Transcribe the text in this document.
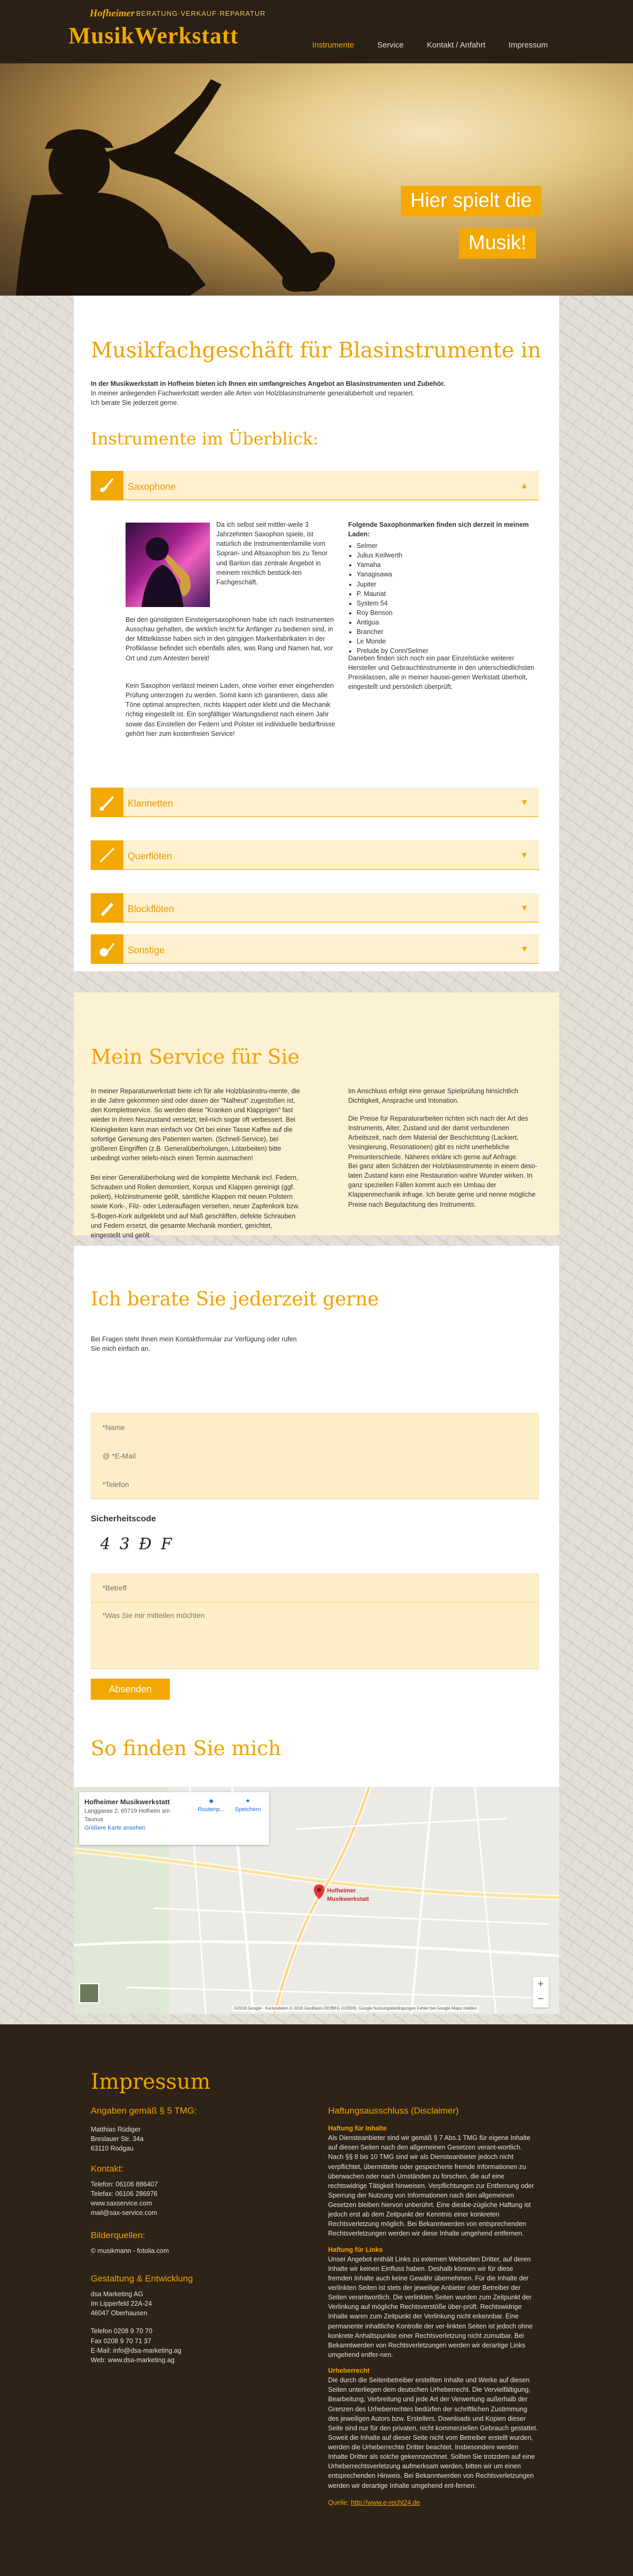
Hofheimer BERATUNG·VERKAUF·REPARATUR
MusikWerkstatt	Instrumente	Service	Kontakt / Anfahrt	Impressum
Hier spielt die
Musik!
Musikfachgeschäft für Blasinstrumente in

In der Musikwerkstatt in Hofheim bieten ich Ihnen ein umfangreiches Angebot an Blasinstrumenten und Zubehör.

In meiner anliegenden Fachwerkstatt werden alle Arten von Holzblasinstrumente generalüberholt und repariert.

Ich berate Sie jederzeit gerne.

Instrumente im Überblick:
Saxophone	▲

Da ich selbst seit mittler-weile 3 Jahrzehnten Saxophon spiele, ist natürlich die Instrumentenfamilie vom Sopran- und Altsaxophon bis zu Tenor und Bariton das zentrale Angebot in meinem reichlich bestück-ten Fachgeschäft.

Bei den günstigsten Einsteigersaxophonen habe ich nach Instrumenten Ausschau gehalten, die wirklich leicht für Anfänger zu bedienen sind, in der Mittelklasse haben sich in den gängigen Markenfabrikaten in der Profiklasse befindet sich ebenfalls alles, was Rang und Namen hat, vor Ort und zum Antesten bereit!

Kein Saxophon verlässt meinen Laden, ohne vorher einer eingehenden Prüfung unterzogen zu werden. Somit kann ich garantieren, dass alle Töne optimal ansprechen, nichts klappert oder klebt und die Mechanik richtig eingestellt ist. Ein sorgfältiger Wartungsdienst nach einem Jahr sowie das Einstellen der Federn und Polster ist individuelle bedürftnisse gehört hier zum kostenfreien Service!

Folgende Saxophonmarken finden sich derzeit in meinem Laden:

• Selmer
• Julius Keilwerth
• Yamaha
• Yanagisawa
• Jupiter
• P. Mauriat
• System 54
• Roy Benson
• Antigua
• Brancher
• Le Monde
• Prelude by Conn/Selmer

Daneben finden sich noch ein paar Einzelstücke weiterer Hersteller und Gebrauchtinstrumente in den unterschiedlichsten Preisklassen, alle in meiner hausei-genen Werkstatt überholt, eingestellt und persönlich überprüft.

Klarinetten	▼
Querflöten	▼
Blockflöten	▼
Sonstige	▼
Mein Service für Sie

In meiner Reparaturwerkstatt biete ich für alle Holzblasinstru-mente, die in die Jahre gekommen sind oder dasen der "Nalheut" zugestoßen ist, den Komplettservice. So werden diese "Kranken und Klapprigen" fast wieder in ihren Neuzustand versetzt, teil-nich sogar oft verbessert. Bei Kleinigkeiten kann man einfach vor Ort bei einer Tasse Kaffee auf die sofortige Genesung des Patienten warten. (Schnell-Service), bei größeren Eingriffen (z.B. Generalüberholungen, Lötarbeiten) bitte unbedingt vorher telefo-nisch einen Termin ausmachen!

Bei einer Generalüberholung wird die komplette Mechanik incl. Federn, Schrauben und Rollen demontiert, Korpus und Klappen gereinigt (ggf. poliert), Holzinstrumente geölt, sämtliche Klappen mit neuen Polstern sowie Kork-, Filz- oder Lederauflagen versehen, neuer Zapfenkork bzw. S-Bogen-Kork aufgeklebt und auf Maß geschliffen, defekte Schrauben und Federn ersetzt, die gesamte Mechanik montiert, gerichtet, eingestellt und geölt.

Im Anschluss erfolgt eine genaue Spielprüfung hinsichtlich Dichtigkeit, Ansprache und Intonation.

Die Preise für Reparaturarbeiten richten sich nach der Art des Instruments, Alter, Zustand und der damit verbundenen Arbeitszeit, nach dem Material der Beschichtung (Lackiert, Vesingierung, Resonationen) gibt es nicht unerhebliche Preisunterschiede. Näheres erkläre ich gerne auf Anfrage.

Bei ganz alten Schätzen der Holzblasinstrumente in einem deso-laten Zustand kann eine Restauration wahre Wunder wirken. In ganz speziellen Fällen kommt auch ein Umbau der Klappenmechanik infrage. Ich berate gerne und nenne mögliche Preise nach Begutachtung des Instruments.

Ich berate Sie jederzeit gerne

Bei Fragen steht Ihnen mein Kontaktformular zur Verfügung oder rufen Sie mich einfach an.

*Name
@ *E-Mail
*Telefon
Sicherheitscode
4 3 Ɖ F
*Betreff
*Was Sie mir mitteilen möchten
Absenden
So finden Sie mich
Hofheimer Musikwerkstatt
Langgasse 2, 65719 Hofheim am
Taunus
Größere Karte ansehen
◆
Routenp...
★
Speichern
Hofheimer Musikwerkstatt
+
−
©2016 Google · Kartendaten © 2016 GeoBasis-DE/BKG (©2009), Google Nutzungsbedingungen Fehler bei Google Maps melden
Impressum
Angaben gemäß § 5 TMG:

Matthias Rüdiger

Breslauer Str. 34a

63110 Rodgau

Kontakt:

Telefon: 06106 886407

Telefax: 06106 286976

www.saxservice.com

mail@sax-service.com

Bilderquellen:

© musikmann - fotolia.com

Gestaltung & Entwicklung

dsa Marketing AG

Im Lipperfeld 22A-24

46047 Oberhausen

Telefon 0208 9 70 70

Fax 0208 9 70 71 37

E-Mail: info@dsa-marketing.ag

Web: www.dsa-marketing.ag

Haftungsausschluss (Disclaimer)

Haftung für Inhalte

Als Diensteanbieter sind wir gemäß § 7 Abs.1 TMG für eigene Inhalte auf diesen Seiten nach den allgemeinen Gesetzen verant-wortlich. Nach §§ 8 bis 10 TMG sind wir als Diensteanbieter jedoch nicht verpflichtet, übermittelte oder gespeicherte fremde Informationen zu überwachen oder nach Umständen zu forschen, die auf eine rechtswidrige Tätigkeit hinweisen. Verpflichtungen zur Entfernung oder Sperrung der Nutzung von Informationen nach den allgemeinen Gesetzen bleiben hiervon unberührt. Eine diesbe-zügliche Haftung ist jedoch erst ab dem Zeitpunkt der Kenntnis einer konkreten Rechtsverletzung möglich. Bei Bekanntwerden von entsprechenden Rechtsverletzungen werden wir diese Inhalte umgehend entfernen.

Haftung für Links

Unser Angebot enthält Links zu externen Webseiten Dritter, auf deren Inhalte wir keinen Einfluss haben. Deshalb können wir für diese fremden Inhalte auch keine Gewähr übernehmen. Für die Inhalte der verlinkten Seiten ist stets der jeweilige Anbieter oder Betreiber der Seiten verantwortlich. Die verlinkten Seiten wurden zum Zeitpunkt der Verlinkung auf mögliche Rechtsverstöße über-prüft. Rechtswidrige Inhalte waren zum Zeitpunkt der Verlinkung nicht erkennbar. Eine permanente inhaltliche Kontrolle der ver-linkten Seiten ist jedoch ohne konkrete Anhaltspunkte einer Rechtsverletzung nicht zumutbar. Bei Bekanntwerden von Rechtsverletzungen werden wir derartige Links umgehend entfer-nen.

Urheberrecht

Die durch die Seitenbetreiber erstellten Inhalte und Werke auf diesen Seiten unterliegen dem deutschen Urheberrecht. Die Vervielfältigung, Bearbeitung, Verbreitung und jede Art der Verwertung außerhalb der Grenzen des Urheberrechtes bedürfen der schriftlichen Zustimmung des jeweiligen Autors bzw. Erstellers. Downloads und Kopien dieser Seite sind nur für den privaten, nicht kommerziellen Gebrauch gestattet. Soweit die Inhalte auf dieser Seite nicht vom Betreiber erstellt wurden, werden die Urheberrechte Dritter beachtet. Insbesondere werden Inhalte Dritter als solche gekennzeichnet. Sollten Sie trotzdem auf eine Urheberrechtsverletzung aufmerksam werden, bitten wir um einen entsprechenden Hinweis. Bei Bekanntwerden von Rechtsverletzungen werden wir derartige Inhalte umgehend ent-fernen.

Quelle: http://www.e-recht24.de
